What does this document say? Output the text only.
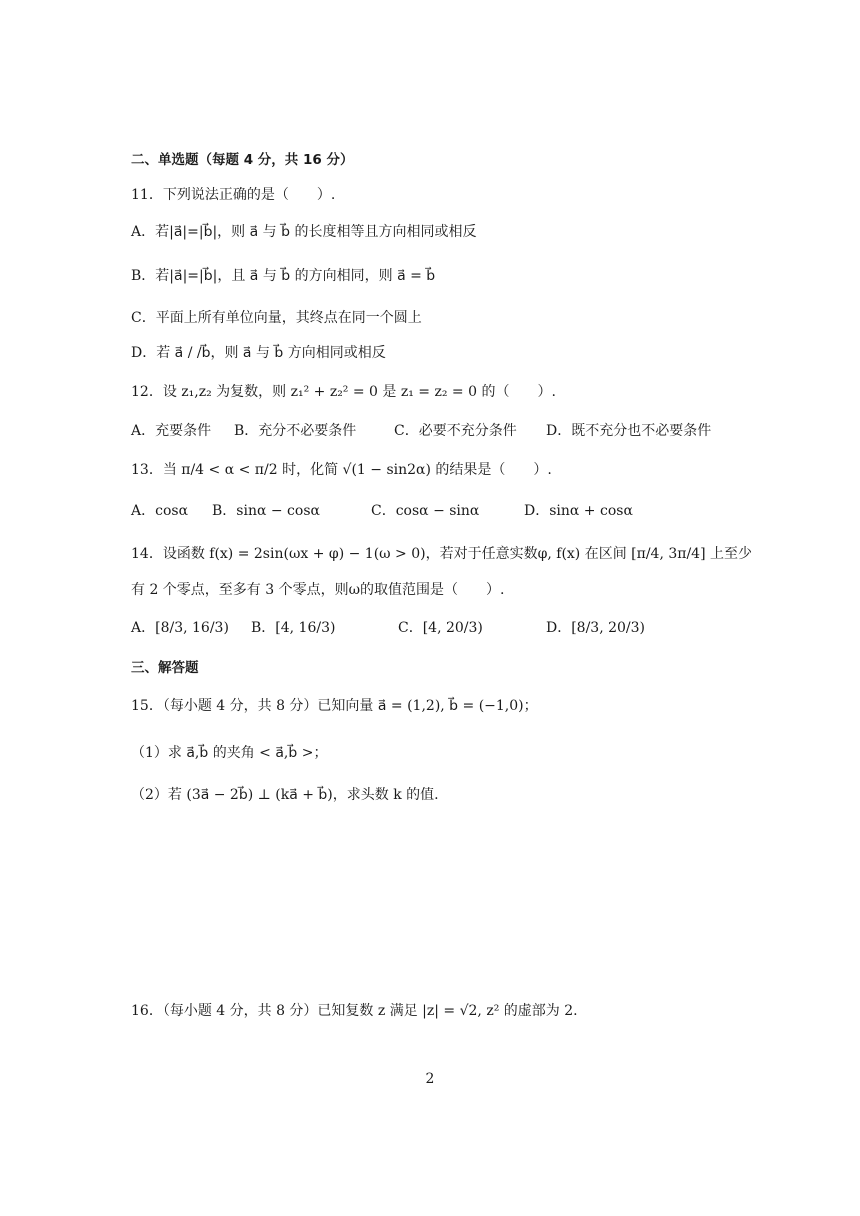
二、单选题（每题 4 分，共 16 分）
11．下列说法正确的是（　　）.
A．若|a⃗|=|b⃗|，则 a⃗ 与 b⃗ 的长度相等且方向相同或相反
B．若|a⃗|=|b⃗|，且 a⃗ 与 b⃗ 的方向相同，则 a⃗ = b⃗
C．平面上所有单位向量，其终点在同一个圆上
D．若 a⃗ / /b⃗，则 a⃗ 与 b⃗ 方向相同或相反
12．设 z₁,z₂ 为复数，则 z₁² + z₂² = 0 是 z₁ = z₂ = 0 的（　　）.
A．充要条件 B．充分不必要条件	C．必要不充分条件 D．既不充分也不必要条件
13．当 π/4 < α < π/2 时，化简 √(1 − sin2α) 的结果是（　　）.
A．cosα B．sinα − cosα	C．cosα − sinα	D．sinα + cosα
14．设函数 f(x) = 2sin(ωx + φ) − 1(ω > 0)，若对于任意实数φ, f(x) 在区间 [π/4, 3π/4] 上至少
有 2 个零点，至多有 3 个零点，则ω的取值范围是（　　）.
A．[8/3, 16/3) B．[4, 16/3)	C．[4, 20/3)	D．[8/3, 20/3)
三、解答题
15．（每小题 4 分，共 8 分）已知向量 a⃗ = (1,2), b⃗ = (−1,0)；
（1）求 a⃗,b⃗ 的夹角 < a⃗,b⃗ >；
（2）若 (3a⃗ − 2b⃗) ⊥ (ka⃗ + b⃗)，求头数 k 的值.
16．（每小题 4 分，共 8 分）已知复数 z 满足 |z| = √2, z² 的虚部为 2.
2
